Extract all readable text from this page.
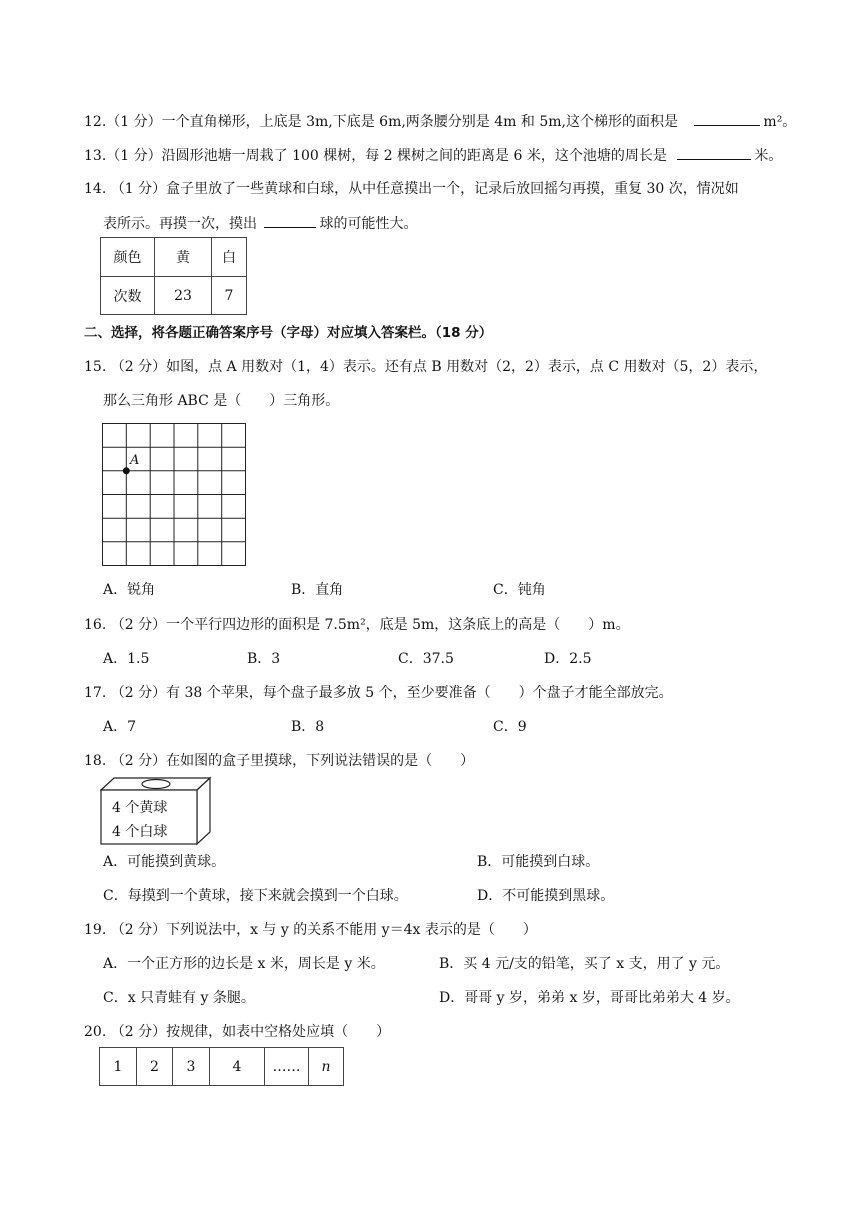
12.（1 分）一个直角梯形，上底是 3m,下底是 6m,两条腰分别是 4m 和 5m,这个梯形的面积是	m²。
13.（1 分）沿圆形池塘一周栽了 100 棵树，每 2 棵树之间的距离是 6 米，这个池塘的周长是	米。
14. （1 分）盒子里放了一些黄球和白球，从中任意摸出一个，记录后放回摇匀再摸，重复 30 次，情况如
表所示。再摸一次，摸出	球的可能性大。
颜色	黄	白
次数	23	7
二、选择，将各题正确答案序号（字母）对应填入答案栏。（18 分）
15. （2 分）如图，点 A 用数对（1，4）表示。还有点 B 用数对（2，2）表示，点 C 用数对（5，2）表示，
那么三角形 ABC 是（　　）三角形。
A
A．锐角	B．直角	C．钝角
16. （2 分）一个平行四边形的面积是 7.5m²，底是 5m，这条底上的高是（　　）m。
A．1.5	B．3	C．37.5	D．2.5
17. （2 分）有 38 个苹果，每个盘子最多放 5 个，至少要准备（　　）个盘子才能全部放完。
A．7	B．8	C．9
18. （2 分）在如图的盒子里摸球，下列说法错误的是（　　）
4 个黄球
4 个白球
A．可能摸到黄球。	B．可能摸到白球。
C．每摸到一个黄球，接下来就会摸到一个白球。	D．不可能摸到黑球。
19. （2 分）下列说法中，x 与 y 的关系不能用 y＝4x 表示的是（　　）
A．一个正方形的边长是 x 米，周长是 y 米。	B．买 4 元/支的铅笔，买了 x 支，用了 y 元。
C．x 只青蛙有 y 条腿。	D．哥哥 y 岁，弟弟 x 岁，哥哥比弟弟大 4 岁。
20. （2 分）按规律，如表中空格处应填（　　）
1	2	3	4	……	n
